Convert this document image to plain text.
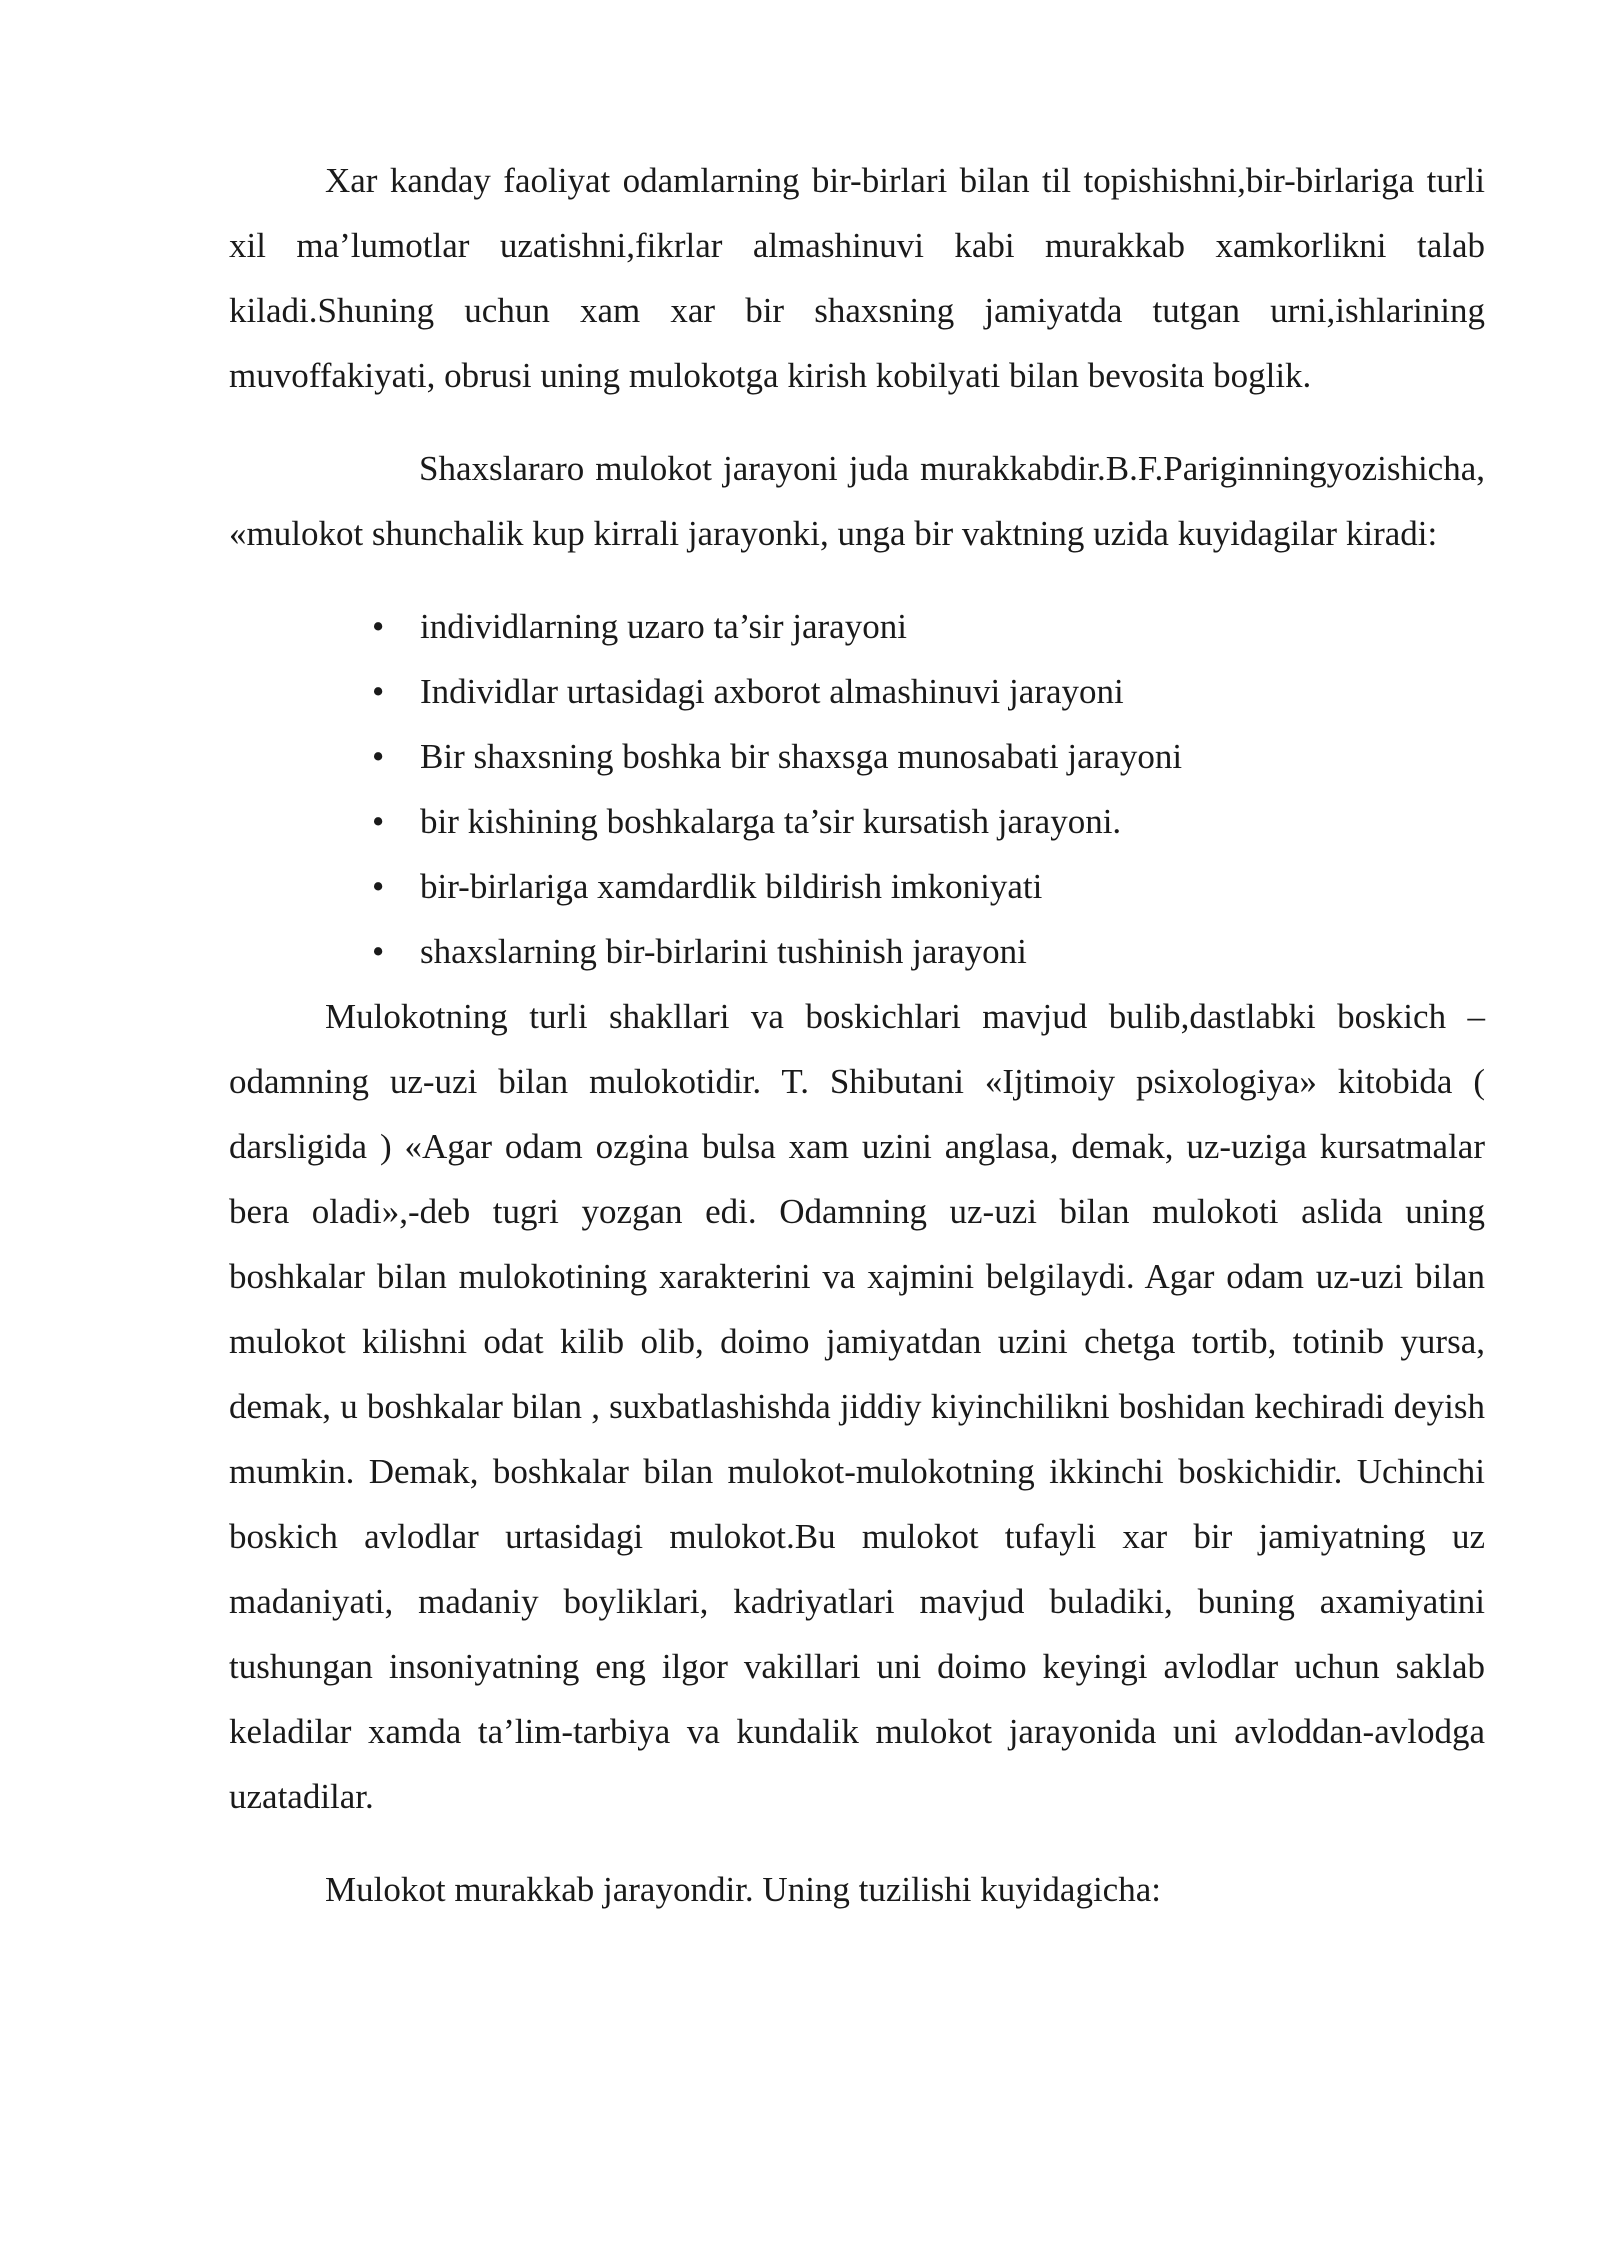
Xar kanday faoliyat odamlarning bir-birlari bilan til topishishni,bir-birlariga turli xil ma’lumotlar uzatishni,fikrlar almashinuvi kabi murakkab xamkorlikni talab kiladi.Shuning uchun xam xar bir shaxsning jamiyatda tutgan urni,ishlarining muvoffakiyati, obrusi uning mulokotga kirish kobilyati bilan bevosita boglik.

Shaxslararo mulokot jarayoni juda murakkabdir.B.F.Pariginningyozishicha, «mulokot shunchalik kup kirrali jarayonki, unga bir vaktning uzida kuyidagilar kiradi:

• individlarning uzaro ta’sir jarayoni
• Individlar urtasidagi axborot almashinuvi jarayoni
• Bir shaxsning boshka bir shaxsga munosabati jarayoni
• bir kishining boshkalarga ta’sir kursatish jarayoni.
• bir-birlariga xamdardlik bildirish imkoniyati
• shaxslarning bir-birlarini tushinish jarayoni

Mulokotning turli shakllari va boskichlari mavjud bulib,dastlabki boskich – odamning uz-uzi bilan mulokotidir. T. Shibutani «Ijtimoiy psixologiya» kitobida ( darsligida ) «Agar odam ozgina bulsa xam uzini anglasa, demak, uz-uziga kursatmalar bera oladi»,-deb tugri yozgan edi. Odamning uz-uzi bilan mulokoti aslida uning boshkalar bilan mulokotining xarakterini va xajmini belgilaydi. Agar odam uz-uzi bilan mulokot kilishni odat kilib olib, doimo jamiyatdan uzini chetga tortib, totinib yursa, demak, u boshkalar bilan , suxbatlashishda jiddiy kiyinchilikni boshidan kechiradi deyish mumkin. Demak, boshkalar bilan mulokot-mulokotning ikkinchi boskichidir. Uchinchi boskich avlodlar urtasidagi mulokot.Bu mulokot tufayli xar bir jamiyatning uz madaniyati, madaniy boyliklari, kadriyatlari mavjud buladiki, buning axamiyatini tushungan insoniyatning eng ilgor vakillari uni doimo keyingi avlodlar uchun saklab keladilar xamda ta’lim-tarbiya va kundalik mulokot jarayonida uni avloddan-avlodga uzatadilar.

Mulokot murakkab jarayondir. Uning tuzilishi kuyidagicha:
